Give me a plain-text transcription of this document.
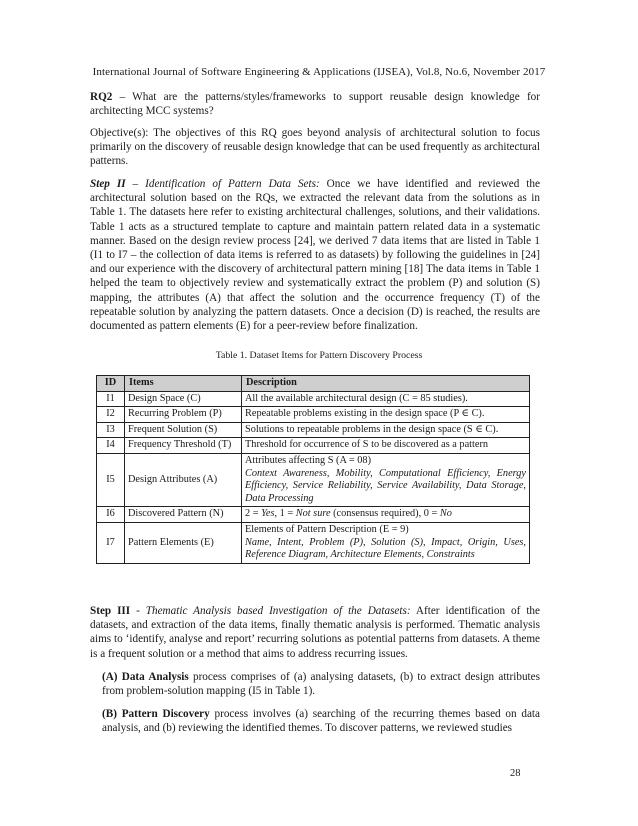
International Journal of Software Engineering & Applications (IJSEA), Vol.8, No.6, November 2017

RQ2 – What are the patterns/styles/frameworks to support reusable design knowledge for architecting MCC systems?

Objective(s): The objectives of this RQ goes beyond analysis of architectural solution to focus primarily on the discovery of reusable design knowledge that can be used frequently as architectural patterns.

Step II – Identification of Pattern Data Sets: Once we have identified and reviewed the architectural solution based on the RQs, we extracted the relevant data from the solutions as in Table 1. The datasets here refer to existing architectural challenges, solutions, and their validations. Table 1 acts as a structured template to capture and maintain pattern related data in a systematic manner. Based on the design review process [24], we derived 7 data items that are listed in Table 1 (I1 to I7 – the collection of data items is referred to as datasets) by following the guidelines in [24] and our experience with the discovery of architectural pattern mining [18] The data items in Table 1 helped the team to objectively review and systematically extract the problem (P) and solution (S) mapping, the attributes (A) that affect the solution and the occurrence frequency (T) of the repeatable solution by analyzing the pattern datasets. Once a decision (D) is reached, the results are documented as pattern elements (E) for a peer-review before finalization.

Table 1. Dataset Items for Pattern Discovery Process
ID	Items	Description
I1	Design Space (C)	All the available architectural design (C = 85 studies).
I2	Recurring Problem (P)	Repeatable problems existing in the design space (P ∈ C).
I3	Frequent Solution (S)	Solutions to repeatable problems in the design space (S ∈ C).
I4	Frequency Threshold (T)	Threshold for occurrence of S to be discovered as a pattern
I5	Design Attributes (A)	Attributes affecting S (A = 08)
Context Awareness, Mobility, Computational Efficiency, Energy Efficiency, Service Reliability, Service Availability, Data Storage, Data Processing
I6	Discovered Pattern (N)	2 = Yes, 1 = Not sure (consensus required), 0 = No
I7	Pattern Elements (E)	Elements of Pattern Description (E = 9)
Name, Intent, Problem (P), Solution (S), Impact, Origin, Uses, Reference Diagram, Architecture Elements, Constraints

Step III - Thematic Analysis based Investigation of the Datasets: After identification of the datasets, and extraction of the data items, finally thematic analysis is performed. Thematic analysis aims to ‘identify, analyse and report’ recurring solutions as potential patterns from datasets. A theme is a frequent solution or a method that aims to address recurring issues.

(A) Data Analysis process comprises of (a) analysing datasets, (b) to extract design attributes from problem-solution mapping (I5 in Table 1).

(B) Pattern Discovery process involves (a) searching of the recurring themes based on data analysis, and (b) reviewing the identified themes. To discover patterns, we reviewed studies

28
